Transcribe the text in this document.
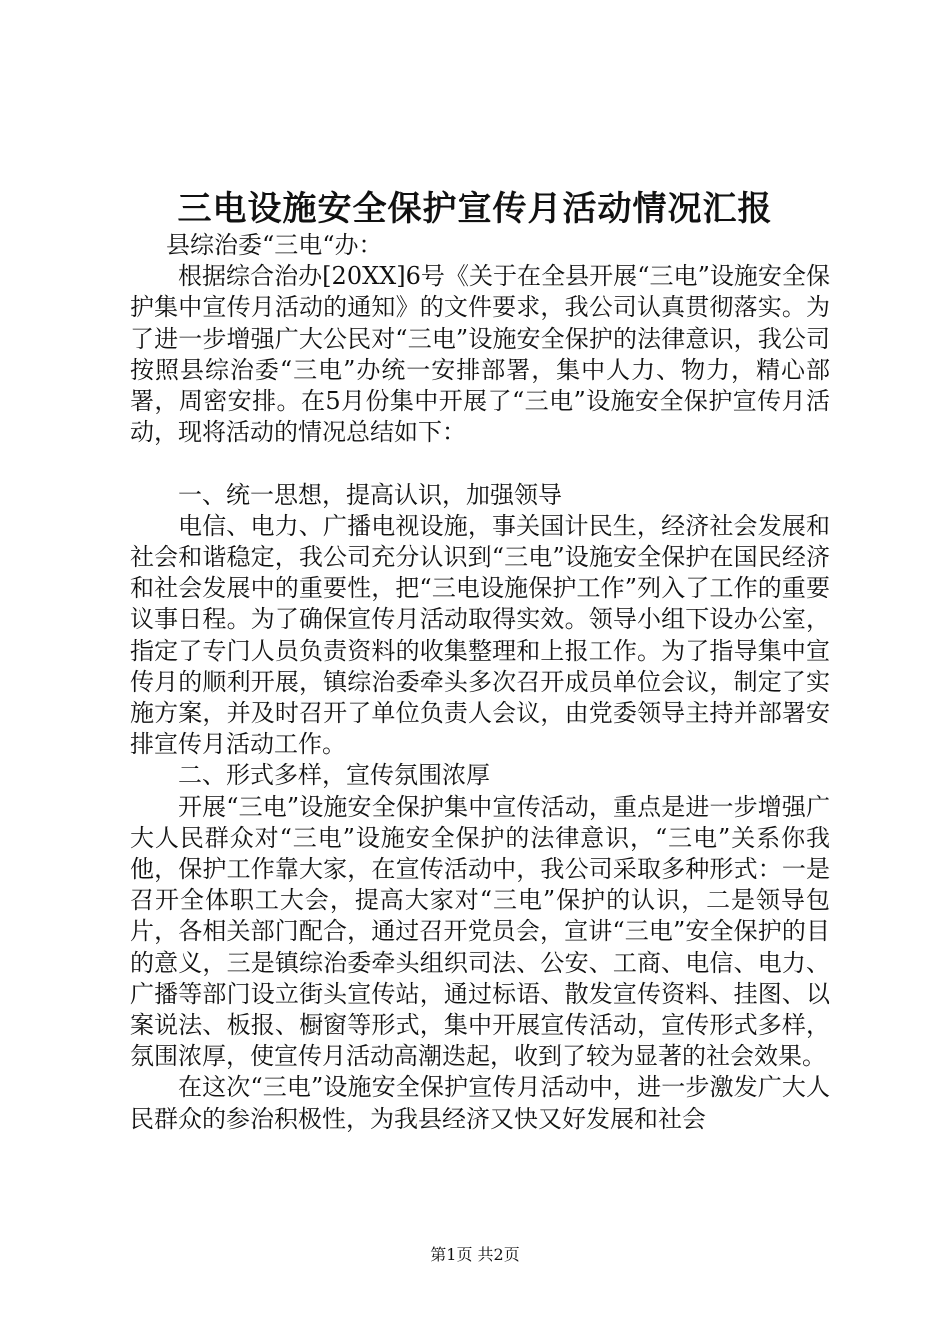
三电设施安全保护宣传月活动情况汇报

县综治委“三电“办：

根据综合治办[20XX]6号《关于在全县开展“三电”设施安全保护集中宣传月活动的通知》的文件要求，我公司认真贯彻落实。为了进一步增强广大公民对“三电”设施安全保护的法律意识，我公司按照县综治委“三电”办统一安排部署，集中人力、物力，精心部署，周密安排。在5月份集中开展了“三电”设施安全保护宣传月活动，现将活动的情况总结如下：

一、统一思想，提高认识，加强领导

电信、电力、广播电视设施，事关国计民生，经济社会发展和社会和谐稳定，我公司充分认识到“三电”设施安全保护在国民经济和社会发展中的重要性，把“三电设施保护工作”列入了工作的重要议事日程。为了确保宣传月活动取得实效。领导小组下设办公室，指定了专门人员负责资料的收集整理和上报工作。为了指导集中宣传月的顺利开展，镇综治委牵头多次召开成员单位会议，制定了实施方案，并及时召开了单位负责人会议，由党委领导主持并部署安排宣传月活动工作。

二、形式多样，宣传氛围浓厚

开展“三电”设施安全保护集中宣传活动，重点是进一步增强广大人民群众对“三电”设施安全保护的法律意识，“三电”关系你我他，保护工作靠大家，在宣传活动中，我公司采取多种形式：一是召开全体职工大会，提高大家对“三电”保护的认识，二是领导包片，各相关部门配合，通过召开党员会，宣讲“三电”安全保护的目的意义，三是镇综治委牵头组织司法、公安、工商、电信、电力、广播等部门设立街头宣传站，通过标语、散发宣传资料、挂图、以案说法、板报、橱窗等形式，集中开展宣传活动，宣传形式多样，氛围浓厚，使宣传月活动高潮迭起，收到了较为显著的社会效果。

在这次“三电”设施安全保护宣传月活动中，进一步激发广大人民群众的参治积极性，为我县经济又快又好发展和社会

第1页 共2页
